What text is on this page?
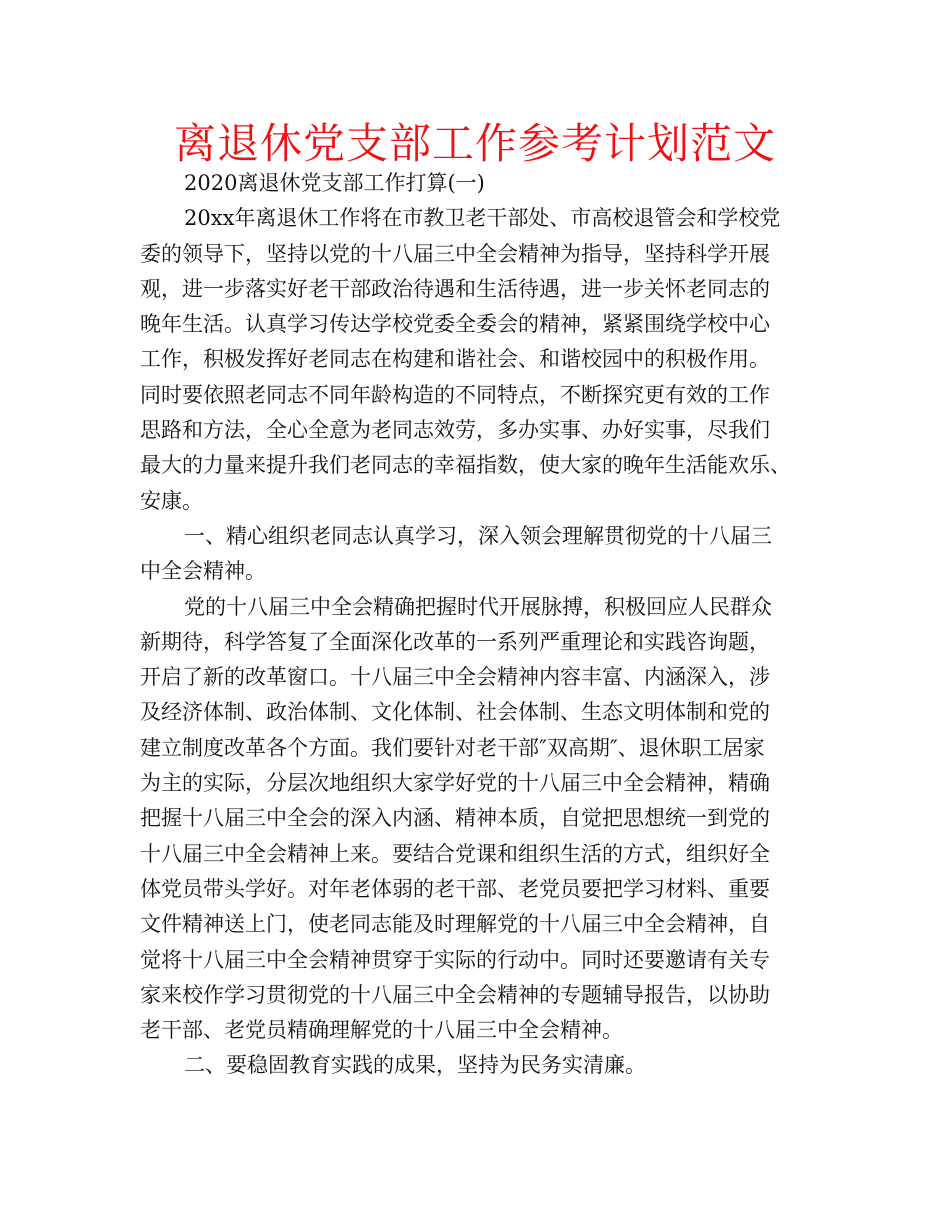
离退休党支部工作参考计划范文
2020离退休党支部工作打算(一)
20xx年离退休工作将在市教卫老干部处、市高校退管会和学校党
委的领导下，坚持以党的十八届三中全会精神为指导，坚持科学开展
观，进一步落实好老干部政治待遇和生活待遇，进一步关怀老同志的
晚年生活。认真学习传达学校党委全委会的精神，紧紧围绕学校中心
工作，积极发挥好老同志在构建和谐社会、和谐校园中的积极作用。
同时要依照老同志不同年龄构造的不同特点，不断探究更有效的工作
思路和方法，全心全意为老同志效劳，多办实事、办好实事，尽我们
最大的力量来提升我们老同志的幸福指数，使大家的晚年生活能欢乐、
安康。
一、精心组织老同志认真学习，深入领会理解贯彻党的十八届三
中全会精神。
党的十八届三中全会精确把握时代开展脉搏，积极回应人民群众
新期待，科学答复了全面深化改革的一系列严重理论和实践咨询题，
开启了新的改革窗口。十八届三中全会精神内容丰富、内涵深入，涉
及经济体制、政治体制、文化体制、社会体制、生态文明体制和党的
建立制度改革各个方面。我们要针对老干部″双高期″、退休职工居家
为主的实际，分层次地组织大家学好党的十八届三中全会精神，精确
把握十八届三中全会的深入内涵、精神本质，自觉把思想统一到党的
十八届三中全会精神上来。要结合党课和组织生活的方式，组织好全
体党员带头学好。对年老体弱的老干部、老党员要把学习材料、重要
文件精神送上门，使老同志能及时理解党的十八届三中全会精神，自
觉将十八届三中全会精神贯穿于实际的行动中。同时还要邀请有关专
家来校作学习贯彻党的十八届三中全会精神的专题辅导报告，以协助
老干部、老党员精确理解党的十八届三中全会精神。
二、要稳固教育实践的成果，坚持为民务实清廉。
